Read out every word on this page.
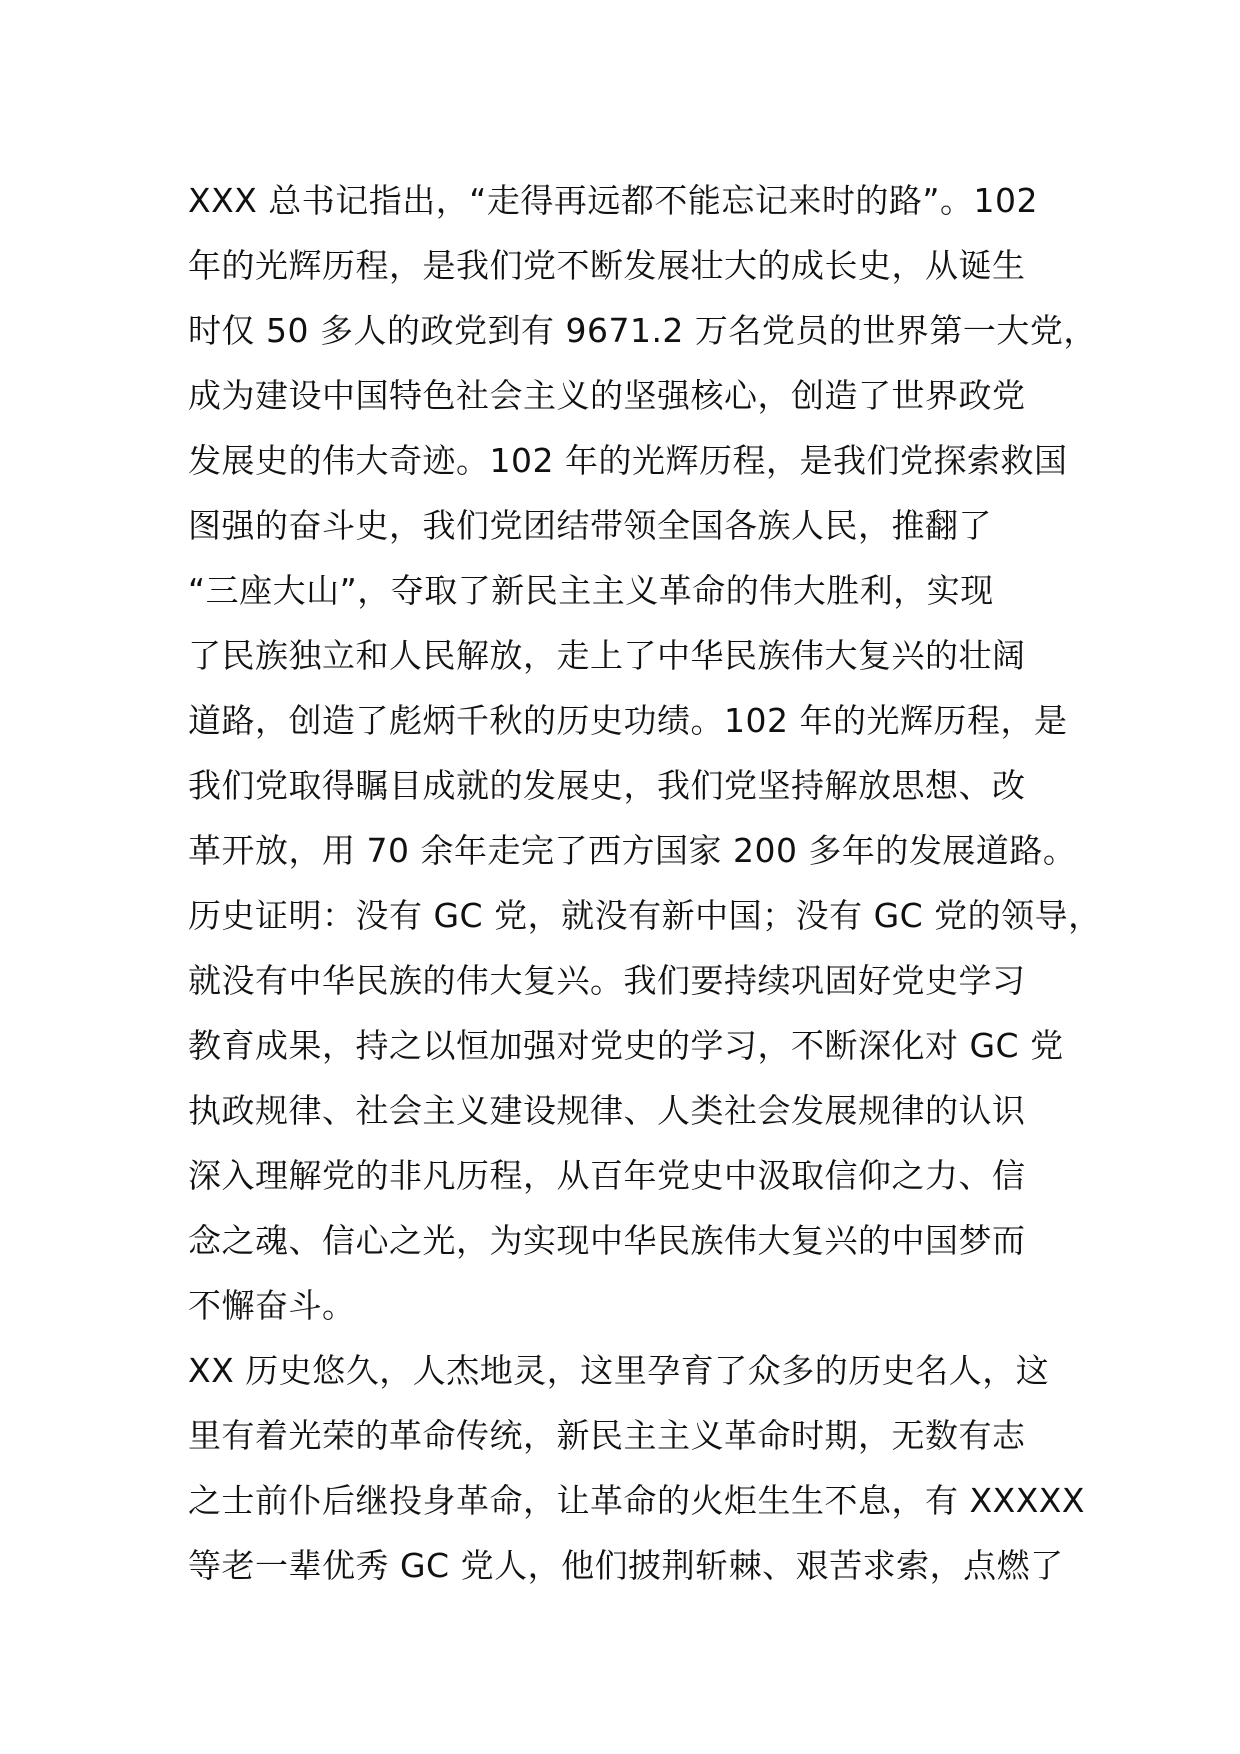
XXX 总书记指出，“走得再远都不能忘记来时的路”。102
年的光辉历程，是我们党不断发展壮大的成长史，从诞生
时仅 50 多人的政党到有 9671.2 万名党员的世界第一大党，
成为建设中国特色社会主义的坚强核心，创造了世界政党
发展史的伟大奇迹。102 年的光辉历程，是我们党探索救国
图强的奋斗史，我们党团结带领全国各族人民，推翻了
“三座大山”，夺取了新民主主义革命的伟大胜利，实现
了民族独立和人民解放，走上了中华民族伟大复兴的壮阔
道路，创造了彪炳千秋的历史功绩。102 年的光辉历程，是
我们党取得瞩目成就的发展史，我们党坚持解放思想、改
革开放，用 70 余年走完了西方国家 200 多年的发展道路。
历史证明：没有 GC 党，就没有新中国；没有 GC 党的领导，
就没有中华民族的伟大复兴。我们要持续巩固好党史学习
教育成果，持之以恒加强对党史的学习，不断深化对 GC 党
执政规律、社会主义建设规律、人类社会发展规律的认识
深入理解党的非凡历程，从百年党史中汲取信仰之力、信
念之魂、信心之光，为实现中华民族伟大复兴的中国梦而
不懈奋斗。
XX 历史悠久，人杰地灵，这里孕育了众多的历史名人，这
里有着光荣的革命传统，新民主主义革命时期，无数有志
之士前仆后继投身革命，让革命的火炬生生不息，有 XXXXX
等老一辈优秀 GC 党人，他们披荆斩棘、艰苦求索，点燃了
